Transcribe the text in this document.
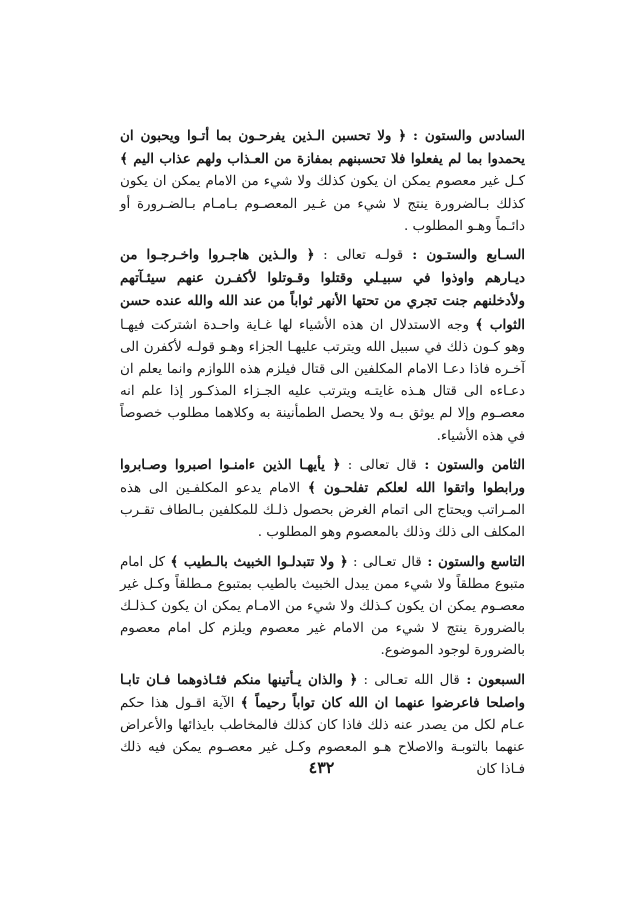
السادس والستون : ﴿ ولا تحسبن الـذين يفرحـون بما أتـوا ويحبون ان يحمدوا بما لم يفعلوا فلا تحسبنهم بمفازة من العـذاب ولهم عذاب اليم ﴾ كـل غير معصوم يمكن ان يكون كذلك ولا شيء من الامام يمكن ان يكون كذلك بـالضرورة ينتج لا شيء من غـير المعصـوم بـامـام بـالضـرورة أو دائـماً وهـو المطلوب .

السـابع والستـون : قولـه تعالى : ﴿ والـذين هاجـروا واخـرجـوا من ديـارهم واوذوا في سبيـلي وقتلوا وقـوتلوا لأكفـرن عنهم سيئـآتهم ولأدخلنهم جنت تجري من تحتها الأنهر ثواباً من عند الله والله عنده حسن الثواب ﴾ وجه الاستدلال ان هذه الأشياء لها غـاية واحـدة اشتركت فيهـا وهو كـون ذلك في سبيل الله ويترتب عليهـا الجزاء وهـو قولـه لأكفرن الى آخـره فاذا دعـا الامام المكلفين الى قتال فيلزم هذه اللوازم وانما يعلم ان دعـاءه الى قتال هـذه غايتـه ويترتب عليه الجـزاء المذكـور إذا علم انه معصـوم وإلا لم يوثق بـه ولا يحصل الطمأنينة به وكلاهما مطلوب خصوصاً في هذه الأشياء.

الثامن والستون : قال تعالى : ﴿ يأيهـا الذين ءامنـوا اصبروا وصـابروا ورابطوا واتقوا الله لعلكم تفلحـون ﴾ الامام يدعو المكلفـين الى هذه المـراتب ويحتاج الى اتمام الغرض بحصول ذلـك للمكلفين بـالطاف تقـرب المكلف الى ذلك وذلك بالمعصوم وهو المطلوب .

التاسع والستون : قال تعـالى : ﴿ ولا تتبدلـوا الخبيث بالـطيب ﴾ كل امام متبوع مطلقاً ولا شيء ممن يبدل الخبيث بالطيب بمتبوع مـطلقاً وكـل غير معصـوم يمكن ان يكون كـذلك ولا شيء من الامـام يمكن ان يكون كـذلـك بالضرورة ينتج لا شيء من الامام غير معصوم ويلزم كل امام معصوم بالضرورة لوجود الموضوع.

السبعون : قال الله تعـالى : ﴿ والذان يـأتينها منكم فئـاذوهما فـان تابـا واصلحا فاعرضوا عنهما ان الله كان تواباً رحيماً ﴾ الآية اقـول هذا حكم عـام لكل من يصدر عنه ذلك فاذا كان كذلك فالمخاطب بايذائها والأعراض عنهما بالتوبـة والاصلاح هـو المعصوم وكـل غير معصـوم يمكن فيه ذلك فـاذا كان

٤٣٢
